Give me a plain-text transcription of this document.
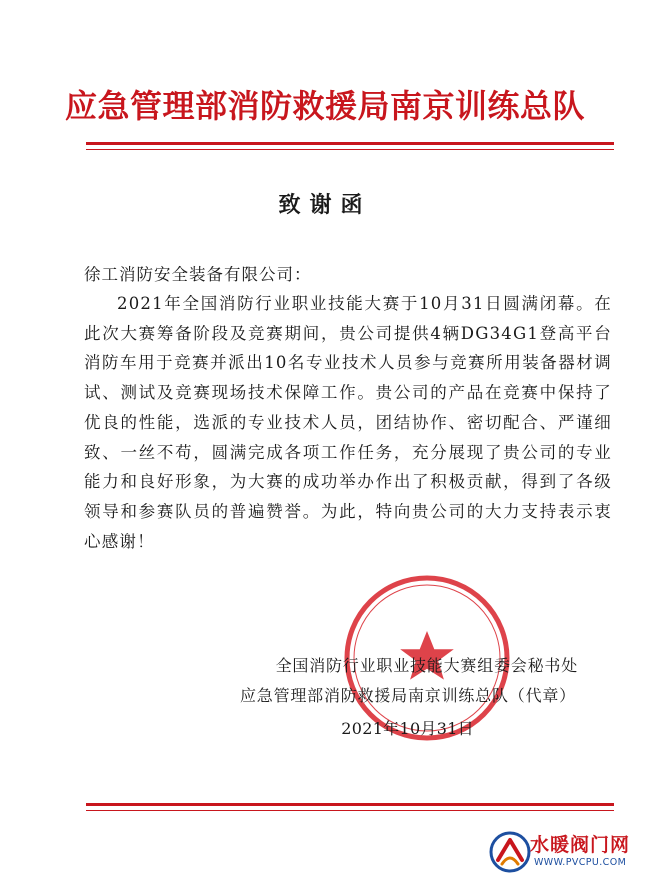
应急管理部消防救援局南京训练总队
致谢函
徐工消防安全装备有限公司：

2021年全国消防行业职业技能大赛于10月31日圆满闭幕。在此次大赛筹备阶段及竞赛期间，贵公司提供4辆DG34G1登高平台消防车用于竞赛并派出10名专业技术人员参与竞赛所用装备器材调试、测试及竞赛现场技术保障工作。贵公司的产品在竞赛中保持了优良的性能，选派的专业技术人员，团结协作、密切配合、严谨细致、一丝不苟，圆满完成各项工作任务，充分展现了贵公司的专业能力和良好形象，为大赛的成功举办作出了积极贡献，得到了各级领导和参赛队员的普遍赞誉。为此，特向贵公司的大力支持表示衷心感谢！

全国消防行业职业技能大赛组委会秘书处

应急管理部消防救援局南京训练总队（代章）

2021年10月31日

水暖阀门网
WWW.PVCPU.COM
